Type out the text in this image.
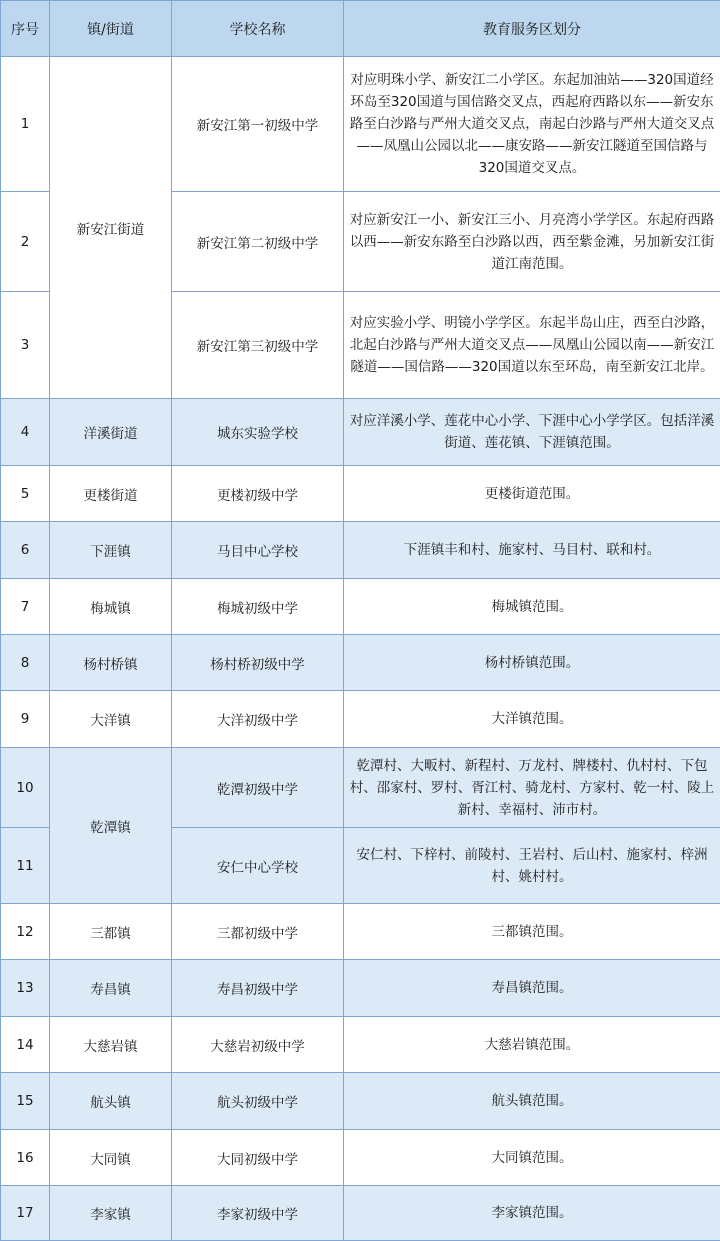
序号	镇/街道	学校名称	教育服务区划分
1	新安江街道	新安江第一初级中学	对应明珠小学、新安江二小学区。东起加油站——320国道经环岛至320国道与国信路交叉点，西起府西路以东——新安东路至白沙路与严州大道交叉点，南起白沙路与严州大道交叉点——凤凰山公园以北——康安路——新安江隧道至国信路与320国道交叉点。
2		新安江第二初级中学	对应新安江一小、新安江三小、月亮湾小学学区。东起府西路以西——新安东路至白沙路以西，西至紫金滩，另加新安江街道江南范围。
3		新安江第三初级中学	对应实验小学、明镜小学学区。东起半岛山庄，西至白沙路，北起白沙路与严州大道交叉点——凤凰山公园以南——新安江隧道——国信路——320国道以东至环岛，南至新安江北岸。
4	洋溪街道	城东实验学校	对应洋溪小学、莲花中心小学、下涯中心小学学区。包括洋溪街道、莲花镇、下涯镇范围。
5	更楼街道	更楼初级中学	更楼街道范围。
6	下涯镇	马目中心学校	下涯镇丰和村、施家村、马目村、联和村。
7	梅城镇	梅城初级中学	梅城镇范围。
8	杨村桥镇	杨村桥初级中学	杨村桥镇范围。
9	大洋镇	大洋初级中学	大洋镇范围。
10	乾潭镇	乾潭初级中学	乾潭村、大畈村、新程村、万龙村、牌楼村、仇村村、下包村、邵家村、罗村、胥江村、骑龙村、方家村、乾一村、陵上新村、幸福村、沛市村。
11		安仁中心学校	安仁村、下梓村、前陵村、王岩村、后山村、施家村、梓洲村、姚村村。
12	三都镇	三都初级中学	三都镇范围。
13	寿昌镇	寿昌初级中学	寿昌镇范围。
14	大慈岩镇	大慈岩初级中学	大慈岩镇范围。
15	航头镇	航头初级中学	航头镇范围。
16	大同镇	大同初级中学	大同镇范围。
17	李家镇	李家初级中学	李家镇范围。
